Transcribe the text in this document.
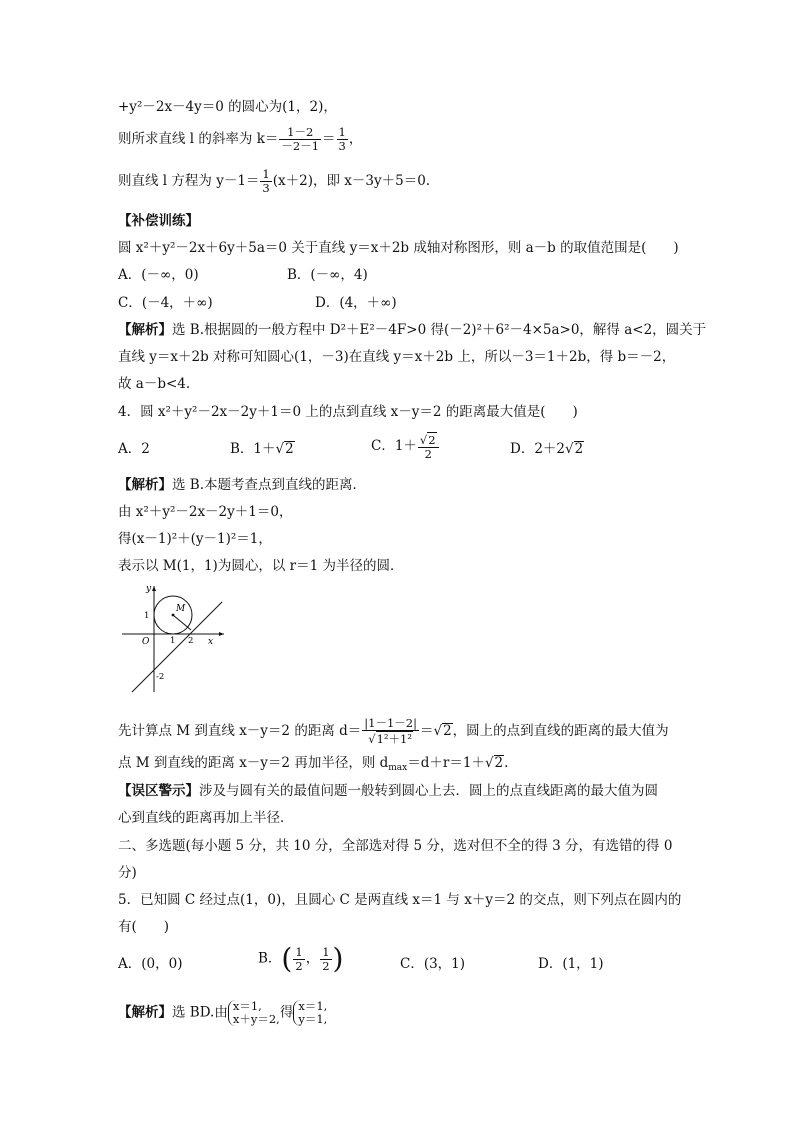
+y²－2x－4y＝0 的圆心为(1，2)，
则所求直线 l 的斜率为 $k= \frac{1-2}{-2-1} = \frac{1}{3}$ ，
则直线 l 方程为 $y-1= \frac{1}{3} (x+2)$，即 x－3y＋5＝0.
【补偿训练】
圆 x²＋y²－2x＋6y＋5a＝0 关于直线 y＝x＋2b 成轴对称图形，则 a－b 的取值范围是(　　)
A．(－∞，0)	B．(－∞，4)
C．(－4，＋∞)	D．(4，＋∞)
【解析】选 B.根据圆的一般方程中 D²＋E²－4F>0 得(－2)²＋6²－4×5a>0，解得 a<2，圆关于
直线 y＝x＋2b 对称可知圆心(1，－3)在直线 y＝x＋2b 上，所以－3＝1＋2b，得 b＝－2，
故 a－b<4.
4．圆 x²＋y²－2x－2y＋1＝0 上的点到直线 x－y＝2 的距离最大值是(　　)
A．2	B．1＋√2	C．$1+ \frac{√2}{2}$	D．2＋2√2
【解析】选 B.本题考查点到直线的距离．
由 x²＋y²－2x－2y＋1＝0，
得(x－1)²＋(y－1)²＝1，
表示以 M(1，1)为圆心，以 r＝1 为半径的圆．
y
x
O
M
1
1 2
-2
先计算点 M 到直线 x－y＝2 的距离 $d= \frac{|1-1-2|}{\text{√1²＋1²}} =√2$，圆上的点到直线的距离的最大值为
点 M 到直线的距离 x－y＝2 再加半径，则 $d_{max}=d+r=1+√2$.
【误区警示】涉及与圆有关的最值问题一般转到圆心上去．圆上的点直线距离的最大值为圆
心到直线的距离再加上半径．
二、多选题(每小题 5 分，共 10 分，全部选对得 5 分，选对但不全的得 3 分，有选错的得 0
分)
5．已知圆 C 经过点(1，0)，且圆心 C 是两直线 x＝1 与 x＋y＝2 的交点，则下列点在圆内的
有(　　)
A．(0，0)	B．( $\frac{1}{2}$ ， $\frac{1}{2}$ )	C．(3，1)	D．(1，1)
【解析】选 BD.由 x＝1,
x＋y＝2, 得 x＝1,
y＝1,
